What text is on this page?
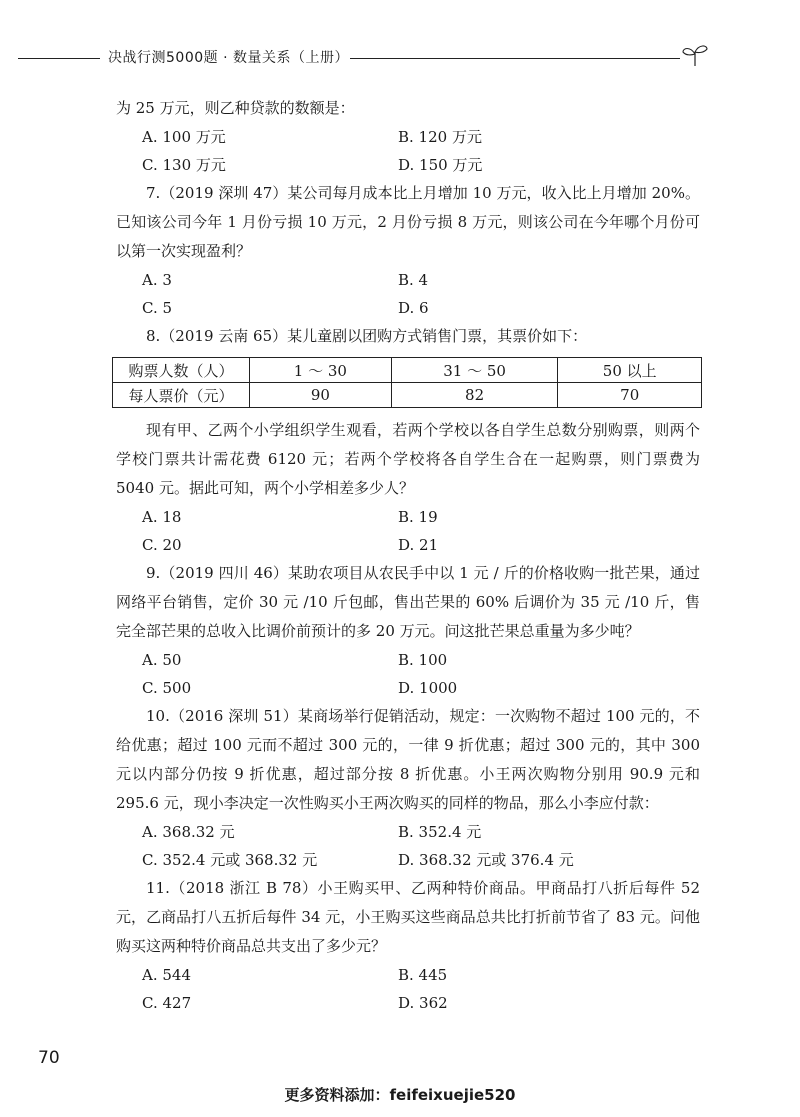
决战行测5000题 · 数量关系（上册）

为 25 万元，则乙种贷款的数额是：

A. 100 万元	B. 120 万元
C. 130 万元	D. 150 万元

7.（2019 深圳 47）某公司每月成本比上月增加 10 万元，收入比上月增加 20%。已知该公司今年 1 月份亏损 10 万元，2 月份亏损 8 万元，则该公司在今年哪个月份可以第一次实现盈利？

A. 3	B. 4
C. 5	D. 6

8.（2019 云南 65）某儿童剧以团购方式销售门票，其票价如下：

购票人数（人）	1 ～ 30	31 ～ 50	50 以上
每人票价（元）	90	82	70

现有甲、乙两个小学组织学生观看，若两个学校以各自学生总数分别购票，则两个学校门票共计需花费 6120 元；若两个学校将各自学生合在一起购票，则门票费为 5040 元。据此可知，两个小学相差多少人？

A. 18	B. 19
C. 20	D. 21

9.（2019 四川 46）某助农项目从农民手中以 1 元 / 斤的价格收购一批芒果，通过网络平台销售，定价 30 元 /10 斤包邮，售出芒果的 60% 后调价为 35 元 /10 斤，售完全部芒果的总收入比调价前预计的多 20 万元。问这批芒果总重量为多少吨？

A. 50	B. 100
C. 500	D. 1000

10.（2016 深圳 51）某商场举行促销活动，规定：一次购物不超过 100 元的，不给优惠；超过 100 元而不超过 300 元的，一律 9 折优惠；超过 300 元的，其中 300 元以内部分仍按 9 折优惠，超过部分按 8 折优惠。小王两次购物分别用 90.9 元和 295.6 元，现小李决定一次性购买小王两次购买的同样的物品，那么小李应付款：

A. 368.32 元	B. 352.4 元
C. 352.4 元或 368.32 元	D. 368.32 元或 376.4 元

11.（2018 浙江 B 78）小王购买甲、乙两种特价商品。甲商品打八折后每件 52 元，乙商品打八五折后每件 34 元，小王购买这些商品总共比打折前节省了 83 元。问他购买这两种特价商品总共支出了多少元？

A. 544	B. 445
C. 427	D. 362
70
更多资料添加：feifeixuejie520
